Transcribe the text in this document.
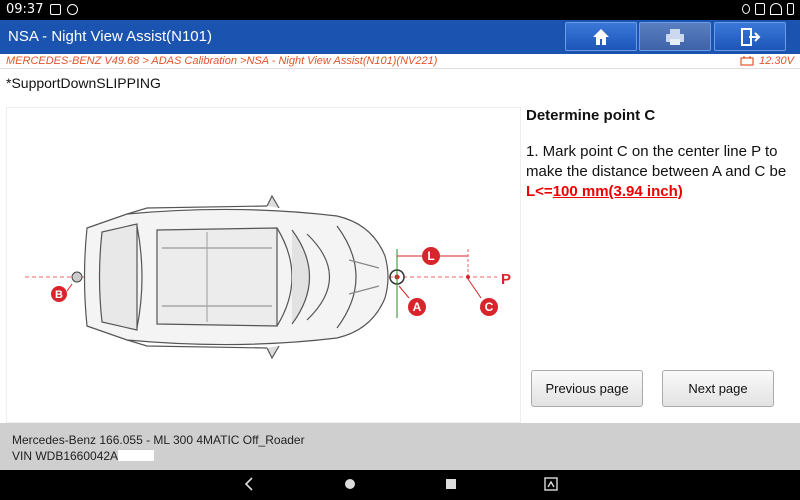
09:37
NSA - Night View Assist(N101)
MERCEDES-BENZ V49.68 > ADAS Calibration >NSA - Night View Assist(N101)(NV221)	12.30V
*SupportDownSLIPPING
B
A
L
C
P
Determine point C

1. Mark point C on the center line P to make the distance between A and C be
L<=100 mm(3.94 inch)

Previous page	Next page
Mercedes-Benz 166.055 - ML 300 4MATIC Off_Roader
VIN WDB1660042A
